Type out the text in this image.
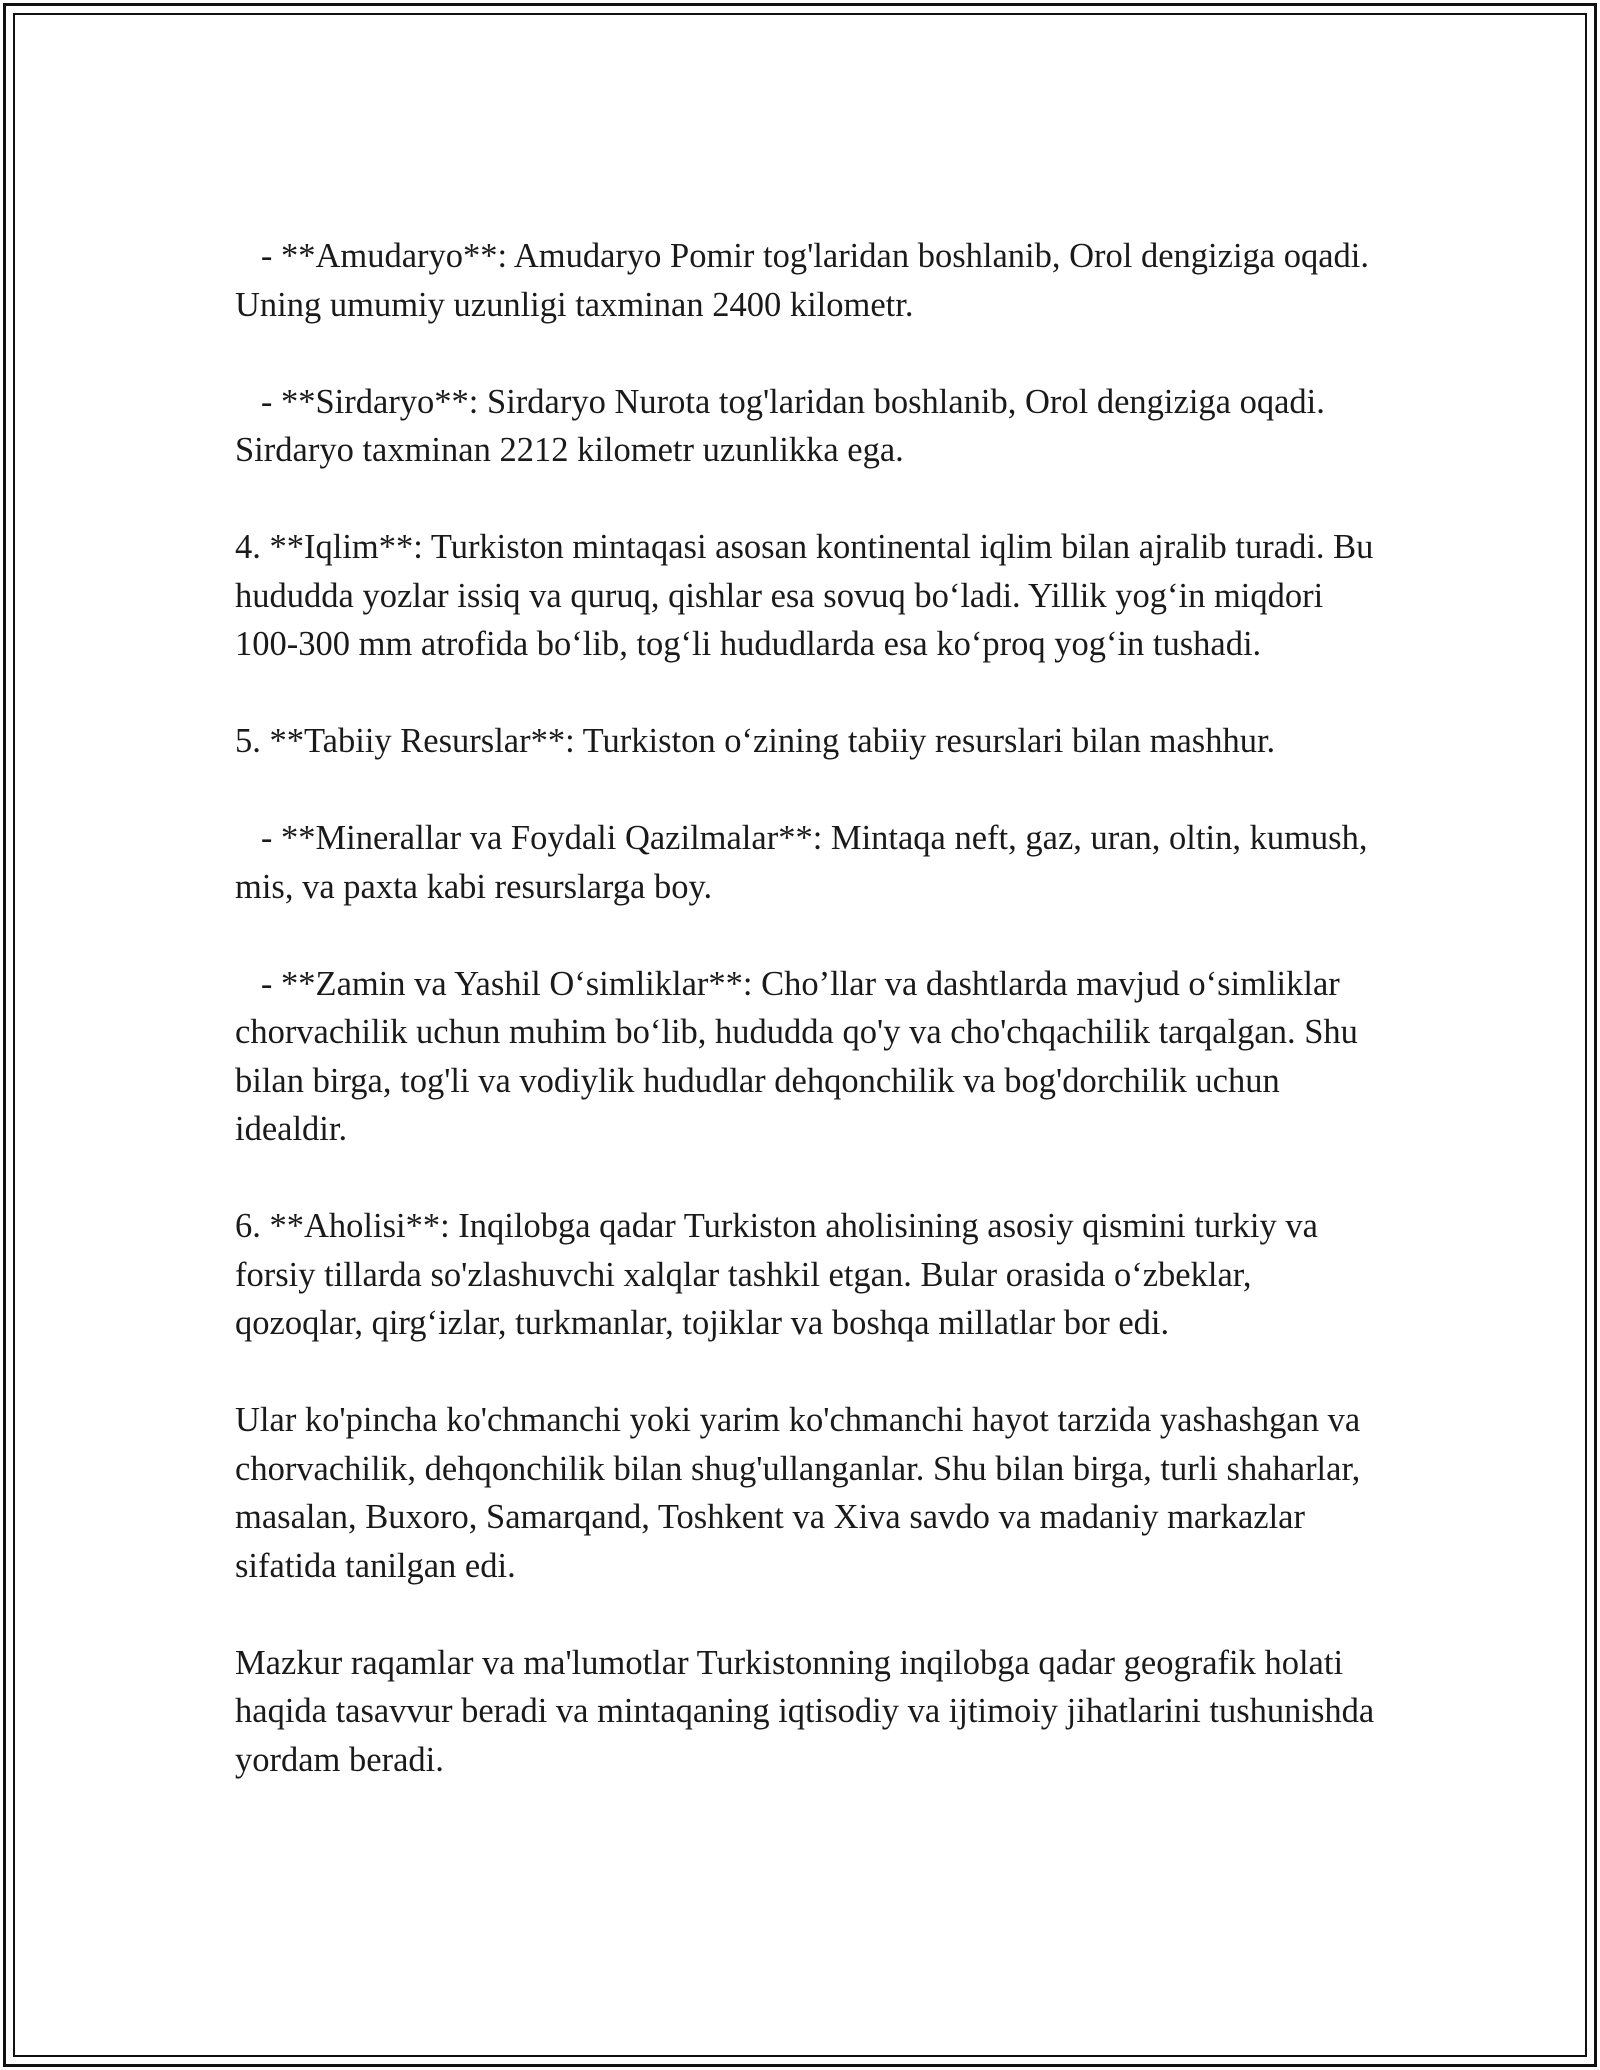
- **Amudaryo**: Amudaryo Pomir tog'laridan boshlanib, Orol dengiziga oqadi. Uning umumiy uzunligi taxminan 2400 kilometr.

- **Sirdaryo**: Sirdaryo Nurota tog'laridan boshlanib, Orol dengiziga oqadi. Sirdaryo taxminan 2212 kilometr uzunlikka ega.

4. **Iqlim**: Turkiston mintaqasi asosan kontinental iqlim bilan ajralib turadi. Bu hududda yozlar issiq va quruq, qishlar esa sovuq bo‘ladi. Yillik yog‘in miqdori 100-300 mm atrofida bo‘lib, tog‘li hududlarda esa ko‘proq yog‘in tushadi.

5. **Tabiiy Resurslar**: Turkiston o‘zining tabiiy resurslari bilan mashhur.

- **Minerallar va Foydali Qazilmalar**: Mintaqa neft, gaz, uran, oltin, kumush, mis, va paxta kabi resurslarga boy.

- **Zamin va Yashil O‘simliklar**: Cho’llar va dashtlarda mavjud o‘simliklar chorvachilik uchun muhim bo‘lib, hududda qo'y va cho'chqachilik tarqalgan. Shu bilan birga, tog'li va vodiylik hududlar dehqonchilik va bog'dorchilik uchun idealdir.

6. **Aholisi**: Inqilobga qadar Turkiston aholisining asosiy qismini turkiy va forsiy tillarda so'zlashuvchi xalqlar tashkil etgan. Bular orasida o‘zbeklar, qozoqlar, qirg‘izlar, turkmanlar, tojiklar va boshqa millatlar bor edi.

Ular ko'pincha ko'chmanchi yoki yarim ko'chmanchi hayot tarzida yashashgan va chorvachilik, dehqonchilik bilan shug'ullanganlar. Shu bilan birga, turli shaharlar, masalan, Buxoro, Samarqand, Toshkent va Xiva savdo va madaniy markazlar sifatida tanilgan edi.

Mazkur raqamlar va ma'lumotlar Turkistonning inqilobga qadar geografik holati haqida tasavvur beradi va mintaqaning iqtisodiy va ijtimoiy jihatlarini tushunishda yordam beradi.
